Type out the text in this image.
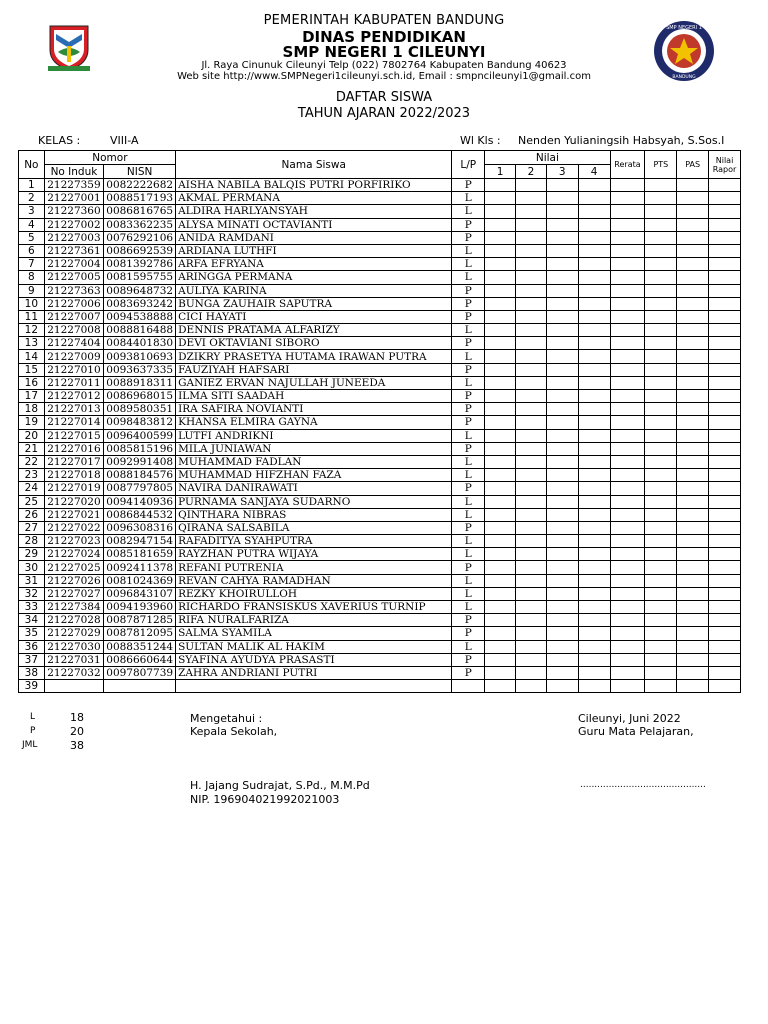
SMP NEGERI 1
BANDUNG
PEMERINTAH KABUPATEN BANDUNG
DINAS PENDIDIKAN
SMP NEGERI 1 CILEUNYI
Jl. Raya Cinunuk Cileunyi Telp (022) 7802764 Kabupaten Bandung 40623
Web site http://www.SMPNegeri1cileunyi.sch.id, Email : smpncileunyi1@gmail.com
DAFTAR SISWA
TAHUN AJARAN 2022/2023
KELAS :	VIII-A	Wl Kls : Nenden Yulianingsih Habsyah, S.Sos.I
No	Nomor		Nama Siswa	L/P	Nilai				Rerata	PTS	PAS	Nilai
Rapor
	No Induk	NISN			1	2	3	4				
1	21227359	0082222682	AISHA NABILA BALQIS PUTRI PORFIRIKO	P								
2	21227001	0088517193	AKMAL PERMANA	L								
3	21227360	0086816765	ALDIRA HARLYANSYAH	L								
4	21227002	0083362235	ALYSA MINATI OCTAVIANTI	P								
5	21227003	0076292106	ANIDA RAMDANI	P								
6	21227361	0086692539	ARDIANA LUTHFI	L								
7	21227004	0081392786	ARFA EFRYANA	L								
8	21227005	0081595755	ARINGGA PERMANA	L								
9	21227363	0089648732	AULIYA KARINA	P								
10	21227006	0083693242	BUNGA ZAUHAIR SAPUTRA	P								
11	21227007	0094538888	CICI HAYATI	P								
12	21227008	0088816488	DENNIS PRATAMA ALFARIZY	L								
13	21227404	0084401830	DEVI OKTAVIANI SIBORO	P								
14	21227009	0093810693	DZIKRY PRASETYA HUTAMA IRAWAN PUTRA	L								
15	21227010	0093637335	FAUZIYAH HAFSARI	P								
16	21227011	0088918311	GANIEZ ERVAN NAJULLAH JUNEEDA	L								
17	21227012	0086968015	ILMA SITI SAADAH	P								
18	21227013	0089580351	IRA SAFIRA NOVIANTI	P								
19	21227014	0098483812	KHANSA ELMIRA GAYNA	P								
20	21227015	0096400599	LUTFI ANDRIKNI	L								
21	21227016	0085815196	MILA JUNIAWAN	P								
22	21227017	0092991408	MUHAMMAD FADLAN	L								
23	21227018	0088184576	MUHAMMAD HIFZHAN FAZA	L								
24	21227019	0087797805	NAVIRA DANIRAWATI	P								
25	21227020	0094140936	PURNAMA SANJAYA SUDARNO	L								
26	21227021	0086844532	QINTHARA NIBRAS	L								
27	21227022	0096308316	QIRANA SALSABILA	P								
28	21227023	0082947154	RAFADITYA SYAHPUTRA	L								
29	21227024	0085181659	RAYZHAN PUTRA WIJAYA	L								
30	21227025	0092411378	REFANI PUTRENIA	P								
31	21227026	0081024369	REVAN CAHYA RAMADHAN	L								
32	21227027	0096843107	REZKY KHOIRULLOH	L								
33	21227384	0094193960	RICHARDO FRANSISKUS XAVERIUS TURNIP	L								
34	21227028	0087871285	RIFA NURALFARIZA	P								
35	21227029	0087812095	SALMA SYAMILA	P								
36	21227030	0088351244	SULTAN MALIK AL HAKIM	L								
37	21227031	0086660644	SYAFINA AYUDYA PRASASTI	P								
38	21227032	0097807739	ZAHRA ANDRIANI PUTRI	P								
39												
L	18
P	20
JML	38
Mengetahui :
Kepala Sekolah,
H. Jajang Sudrajat, S.Pd., M.M.Pd
NIP. 196904021992021003
Cileunyi, Juni 2022
Guru Mata Pelajaran,
............................................
